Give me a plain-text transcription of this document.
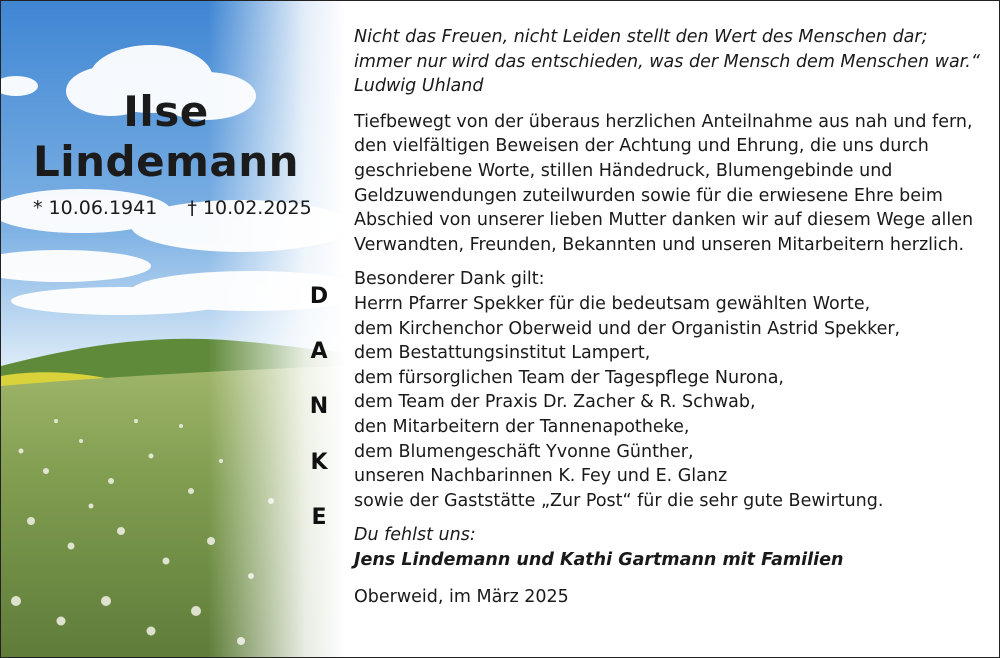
Ilse
Lindemann
* 10.06.1941 † 10.02.2025
D
A
N
K
E

Nicht das Freuen, nicht Leiden stellt den Wert des Menschen dar;

immer nur wird das entschieden, was der Mensch dem Menschen war.“

Ludwig Uhland

Tiefbewegt von der überaus herzlichen Anteilnahme aus nah und fern,

den vielfältigen Beweisen der Achtung und Ehrung, die uns durch

geschriebene Worte, stillen Händedruck, Blumengebinde und

Geldzuwendungen zuteilwurden sowie für die erwiesene Ehre beim

Abschied von unserer lieben Mutter danken wir auf diesem Wege allen

Verwandten, Freunden, Bekannten und unseren Mitarbeitern herzlich.

Besonderer Dank gilt:

Herrn Pfarrer Spekker für die bedeutsam gewählten Worte,

dem Kirchenchor Oberweid und der Organistin Astrid Spekker,

dem Bestattungsinstitut Lampert,

dem fürsorglichen Team der Tagespflege Nurona,

dem Team der Praxis Dr. Zacher & R. Schwab,

den Mitarbeitern der Tannenapotheke,

dem Blumengeschäft Yvonne Günther,

unseren Nachbarinnen K. Fey und E. Glanz

sowie der Gaststätte „Zur Post“ für die sehr gute Bewirtung.

Du fehlst uns:

Jens Lindemann und Kathi Gartmann mit Familien

Oberweid, im März 2025
